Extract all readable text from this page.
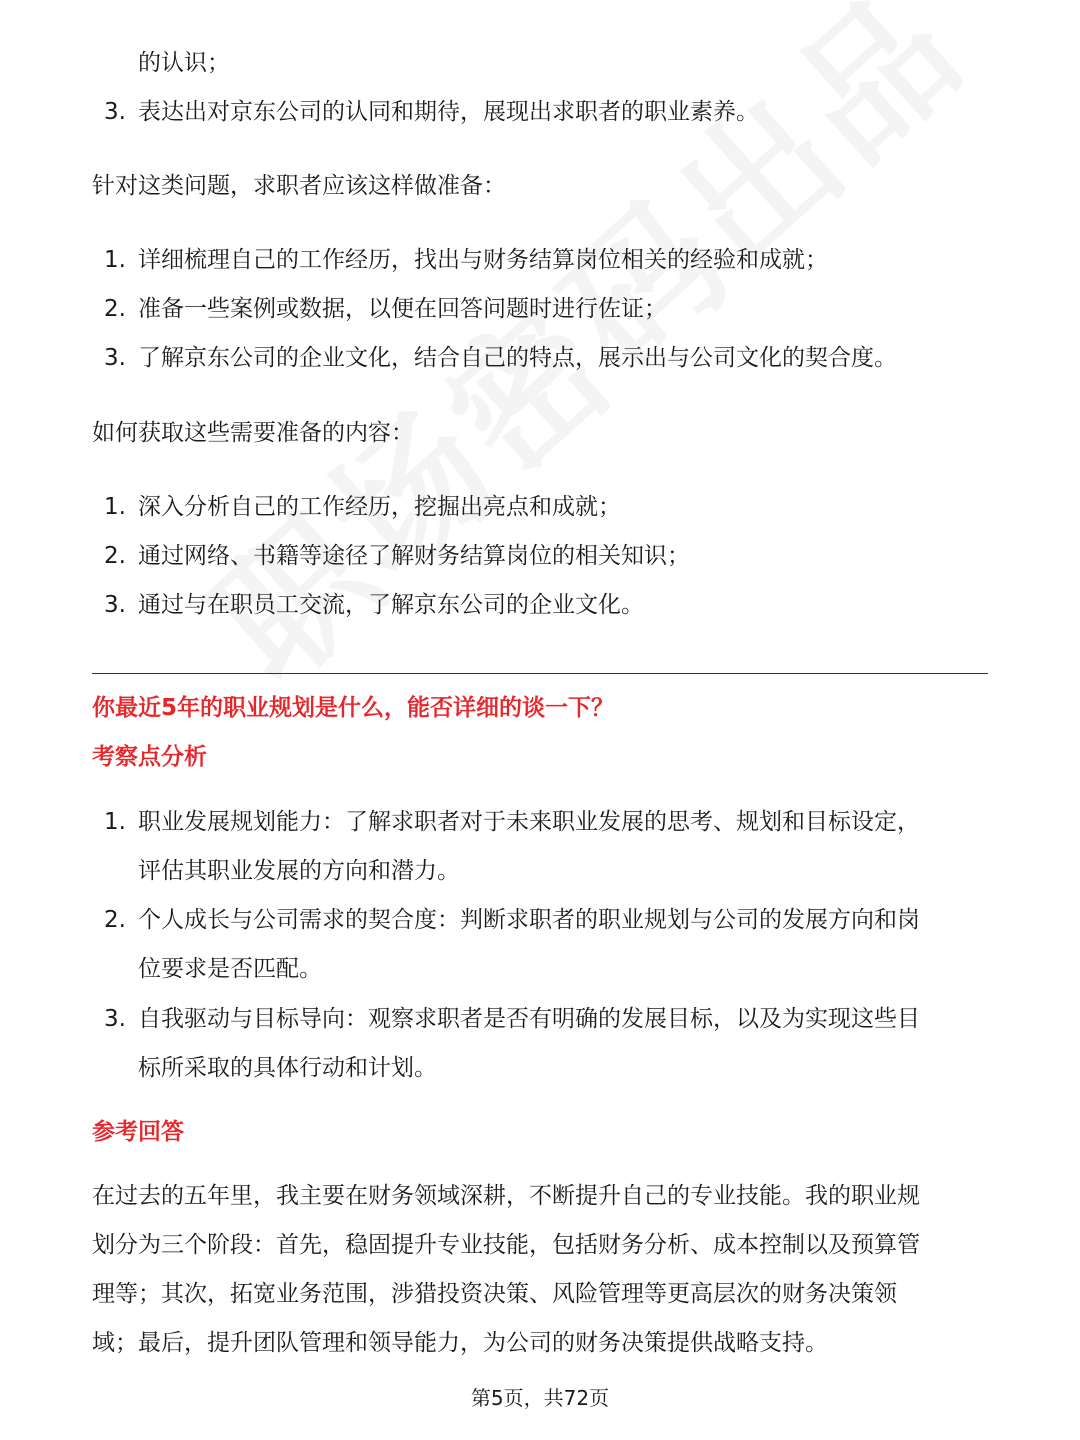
的认识；
3. 表达出对京东公司的认同和期待，展现出求职者的职业素养。
针对这类问题，求职者应该这样做准备：
1. 详细梳理自己的工作经历，找出与财务结算岗位相关的经验和成就；
2. 准备一些案例或数据，以便在回答问题时进行佐证；
3. 了解京东公司的企业文化，结合自己的特点，展示出与公司文化的契合度。
如何获取这些需要准备的内容：
1. 深入分析自己的工作经历，挖掘出亮点和成就；
2. 通过网络、书籍等途径了解财务结算岗位的相关知识；
3. 通过与在职员工交流，了解京东公司的企业文化。
你最近5年的职业规划是什么，能否详细的谈一下？
考察点分析
1. 职业发展规划能力：了解求职者对于未来职业发展的思考、规划和目标设定，
评估其职业发展的方向和潜力。
2. 个人成长与公司需求的契合度：判断求职者的职业规划与公司的发展方向和岗
位要求是否匹配。
3. 自我驱动与目标导向：观察求职者是否有明确的发展目标，以及为实现这些目
标所采取的具体行动和计划。
参考回答
在过去的五年里，我主要在财务领域深耕，不断提升自己的专业技能。我的职业规
划分为三个阶段：首先，稳固提升专业技能，包括财务分析、成本控制以及预算管
理等；其次，拓宽业务范围，涉猎投资决策、风险管理等更高层次的财务决策领
域；最后，提升团队管理和领导能力，为公司的财务决策提供战略支持。
第5页，共72页
